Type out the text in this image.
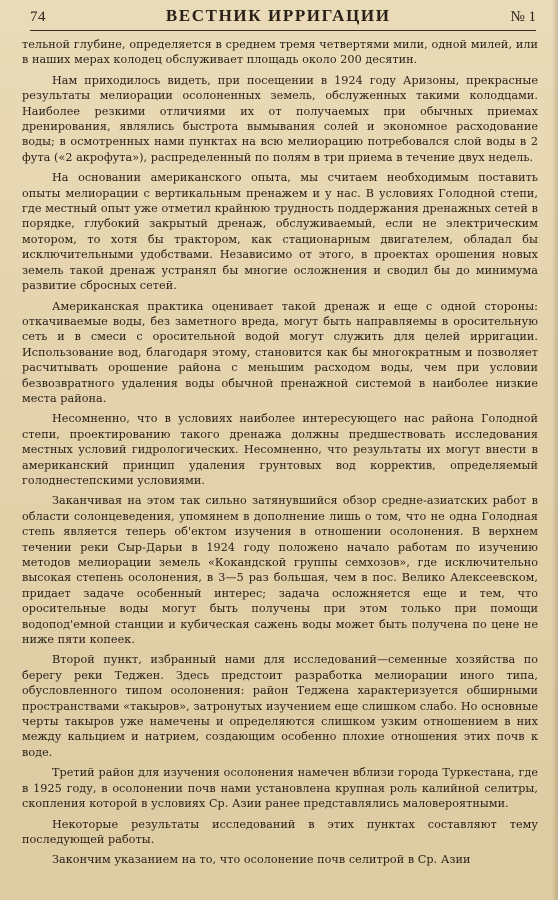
74	ВЕСТНИК ИРРИГАЦИИ	№ 1

тельной глубине, определяется в среднем тремя четвертями мили, одной милей, или в наших мерах колодец обслуживает площадь около 200 десятин.

Нам приходилось видеть, при посещении в 1924 году Аризоны, прекрасные результаты мелиорации осолоненных земель, обслуженных такими колодцами. Наиболее резкими отличиями их от получаемых при обычных приемах дренирования, являлись быстрота вымывания солей и экономное расходование воды; в осмотренных нами пунктах на всю мелиорацию потребовался слой воды в 2 фута («2 акрофута»), распределенный по полям в три приема в течение двух недель.

На основании американского опыта, мы считаем необходимым поставить опыты мелиорации с вертикальным пренажем и у нас. В условиях Голодной степи, где местный опыт уже отметил крайнюю трудность поддержания дренажных сетей в порядке, глубокий закрытый дренаж, обслуживаемый, если не электрическим мотором, то хотя бы трактором, как стационарным двигателем, обладал бы исключительными удобствами. Независимо от этого, в проектах орошения новых земель такой дренаж устранял бы многие осложнения и сводил бы до минимума развитие сбросных сетей.

Американская практика оценивает такой дренаж и еще с одной стороны: откачиваемые воды, без заметного вреда, могут быть направляемы в оросительную сеть и в смеси с оросительной водой могут служить для целей ирригации. Использование вод, благодаря этому, становится как бы многократным и позволяет расчитывать орошение района с меньшим расходом воды, чем при условии безвозвратного удаления воды обычной пренажной системой в наиболее низкие места района.

Несомненно, что в условиях наиболее интересующего нас района Голодной степи, проектированию такого дренажа должны предшествовать исследования местных условий гидрологических. Несомненно, что результаты их могут внести в американский принцип удаления грунтовых вод корректив, определяемый голоднестепскими условиями.

Заканчивая на этом так сильно затянувшийся обзор средне-азиатских работ в области солонцеведения, упомянем в дополнение лишь о том, что не одна Голодная степь является теперь об'ектом изучения в отношении осолонения. В верхнем течении реки Сыр-Дарьи в 1924 году положено начало работам по изучению методов мелиорации земель «Кокандской группы семхозов», где исключительно высокая степень осолонения, в 3—5 раз большая, чем в пос. Велико Алексеевском, придает задаче особенный интерес; задача осложняется еще и тем, что оросительные воды могут быть получены при этом только при помощи водопод'емной станции и кубическая сажень воды может быть получена по цене не ниже пяти копеек.

Второй пункт, избранный нами для исследований—семенные хозяйства по берегу реки Теджен. Здесь предстоит разработка мелиорации иного типа, обусловленного типом осолонения: район Теджена характеризуется обширными пространствами «такыров», затронутых изучением еще слишком слабо. Но основные черты такыров уже намечены и определяются слишком узким отношением в них между кальцием и натрием, создающим особенно плохие отношения этих почв к воде.

Третий район для изучения осолонения намечен вблизи города Туркестана, где в 1925 году, в осолонении почв нами установлена крупная роль калийной селитры, скопления которой в условиях Ср. Азии ранее представлялись маловероятными.

Некоторые результаты исследований в этих пунктах составляют тему последующей работы.

Закончим указанием на то, что осолонение почв селитрой в Ср. Азии
